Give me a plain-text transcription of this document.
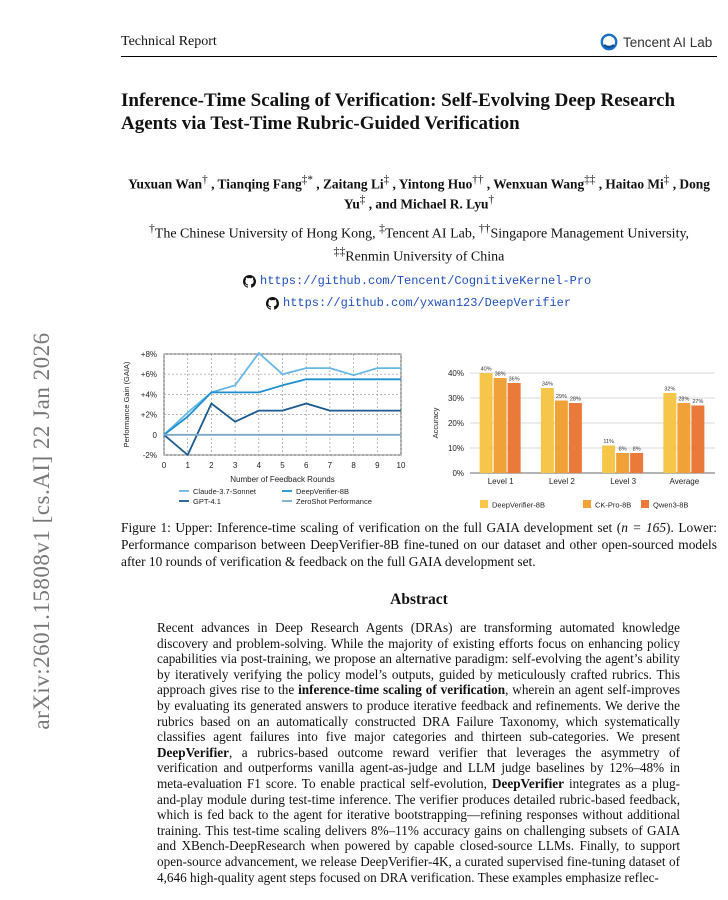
arXiv:2601.15808v1 [cs.AI] 22 Jan 2026
Technical Report	Tencent AI Lab
Inference-Time Scaling of Verification: Self-Evolving Deep Research Agents via Test-Time Rubric-Guided Verification
Yuxuan Wan† , Tianqing Fang‡* , Zaitang Li‡ , Yintong Huo†† , Wenxuan Wang‡‡ , Haitao Mi‡ , Dong Yu‡ , and Michael R. Lyu†
†The Chinese University of Hong Kong, ‡Tencent AI Lab, ††Singapore Management University,
‡‡Renmin University of China
https://github.com/Tencent/CognitiveKernel-Pro
https://github.com/yxwan123/DeepVerifier
-2%
0
+2%
+4%
+6%
+8%
0 1 2 3 4 5 6 7 8 9 10
Number of Feedback Rounds
Performance Gain (GAIA)
Claude-3.7-Sonnet	DeepVerifier-8B
GPT-4.1	ZeroShot Performance
0%
10%
20%
30%
40%
Accuracy
40%
38%
36%
Level 1
34%
29% 28%
Level 2
11%
8% 8%
Level 3
32%
28% 27%
Average
DeepVerifier-8B	CK-Pro-8B	Qwen3-8B
Figure 1: Upper: Inference-time scaling of verification on the full GAIA development set (n = 165). Lower: Performance comparison between DeepVerifier-8B fine-tuned on our dataset and other open-sourced models after 10 rounds of verification & feedback on the full GAIA development set.
Abstract
Recent advances in Deep Research Agents (DRAs) are transforming automated knowledge discovery and problem-solving. While the majority of existing efforts focus on enhancing policy capabilities via post-training, we propose an alternative paradigm: self-evolving the agent’s ability by iteratively verifying the policy model’s outputs, guided by meticulously crafted rubrics. This approach gives rise to the inference-time scaling of verification, wherein an agent self-improves by evaluating its generated answers to produce iterative feedback and refinements. We derive the rubrics based on an automatically constructed DRA Failure Taxonomy, which systematically classifies agent failures into five major categories and thirteen sub-categories. We present DeepVerifier, a rubrics-based outcome reward verifier that leverages the asymmetry of verification and outperforms vanilla agent-as-judge and LLM judge baselines by 12%–48% in meta-evaluation F1 score. To enable practical self-evolution, DeepVerifier integrates as a plug-and-play module during test-time inference. The verifier produces detailed rubric-based feedback, which is fed back to the agent for iterative bootstrapping—refining responses without additional training. This test-time scaling delivers 8%–11% accuracy gains on challenging subsets of GAIA and XBench-DeepResearch when powered by capable closed-source LLMs. Finally, to support open-source advancement, we release DeepVerifier-4K, a curated supervised fine-tuning dataset of 4,646 high-quality agent steps focused on DRA verification. These examples emphasize reflec-
